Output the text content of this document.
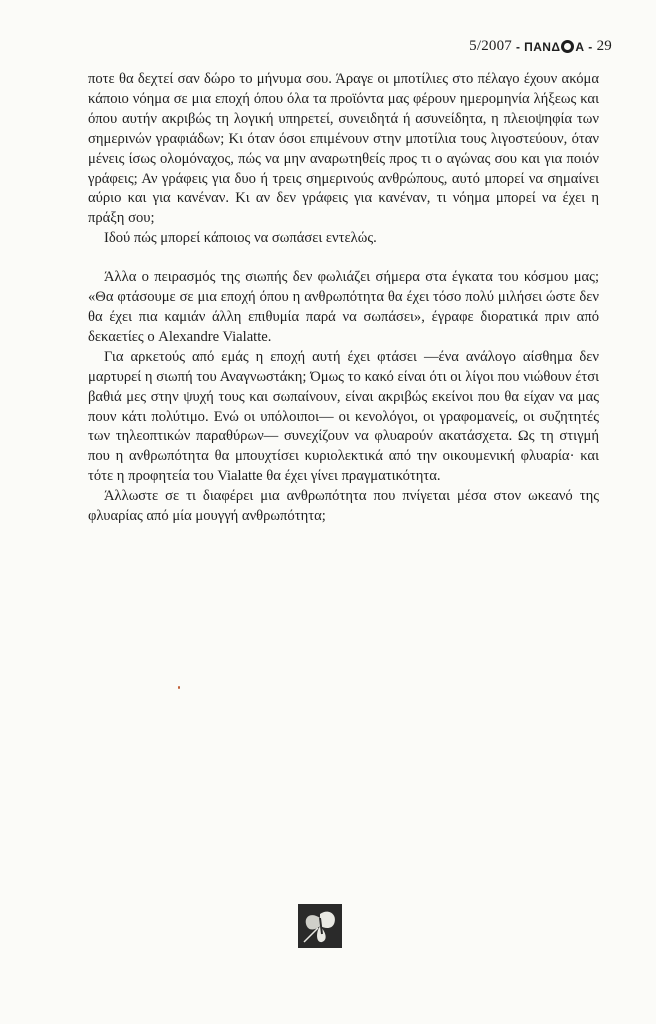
5/2007 -
ΠΑΝΔ Α
- 29

ποτε θα δεχτεί σαν δώρο το μήνυμα σου. Άραγε οι μποτίλιες στο πέλαγο έχουν ακόμα κάποιο νόημα σε μια εποχή όπου όλα τα προϊόντα μας φέρουν ημερομηνία λήξεως και όπου αυτήν ακριβώς τη λογική υπηρετεί, συνειδητά ή ασυνείδητα, η πλειοψηφία των σημερινών γραφιάδων; Κι όταν όσοι επιμένουν στην μποτίλια τους λιγοστεύουν, όταν μένεις ίσως ολομόναχος, πώς να μην αναρωτηθείς προς τι ο αγώνας σου και για ποιόν γράφεις; Αν γράφεις για δυο ή τρεις σημερινούς ανθρώπους, αυτό μπορεί να σημαίνει αύριο και για κανέναν. Κι αν δεν γράφεις για κανέναν, τι νόημα μπορεί να έχει η πράξη σου;

Ιδού πώς μπορεί κάποιος να σωπάσει εντελώς.

Άλλα ο πειρασμός της σιωπής δεν φωλιάζει σήμερα στα έγκατα του κόσμου μας; «Θα φτάσουμε σε μια εποχή όπου η ανθρωπότητα θα έχει τόσο πολύ μιλήσει ώστε δεν θα έχει πια καμιάν άλλη επιθυμία παρά να σωπάσει», έγραφε διορατικά πριν από δεκαετίες ο Alexandre Vialatte.

Για αρκετούς από εμάς η εποχή αυτή έχει φτάσει —ένα ανάλογο αίσθημα δεν μαρτυρεί η σιωπή του Αναγνωστάκη; Όμως το κακό είναι ότι οι λίγοι που νιώθουν έτσι βαθιά μες στην ψυχή τους και σωπαίνουν, είναι ακριβώς εκείνοι που θα είχαν να μας πουν κάτι πολύτιμο. Ενώ οι υπόλοιποι— οι κενολόγοι, οι γραφομανείς, οι συζητητές των τηλεοπτικών παραθύρων— συνεχίζουν να φλυαρούν ακατάσχετα. Ως τη στιγμή που η ανθρωπότητα θα μπουχτίσει κυριολεκτικά από την οικουμενική φλυαρία· και τότε η προφητεία του Vialatte θα έχει γίνει πραγματικότητα.

Άλλωστε σε τι διαφέρει μια ανθρωπότητα που πνίγεται μέσα στον ωκεανό της φλυαρίας από μία μουγγή ανθρωπότητα;
